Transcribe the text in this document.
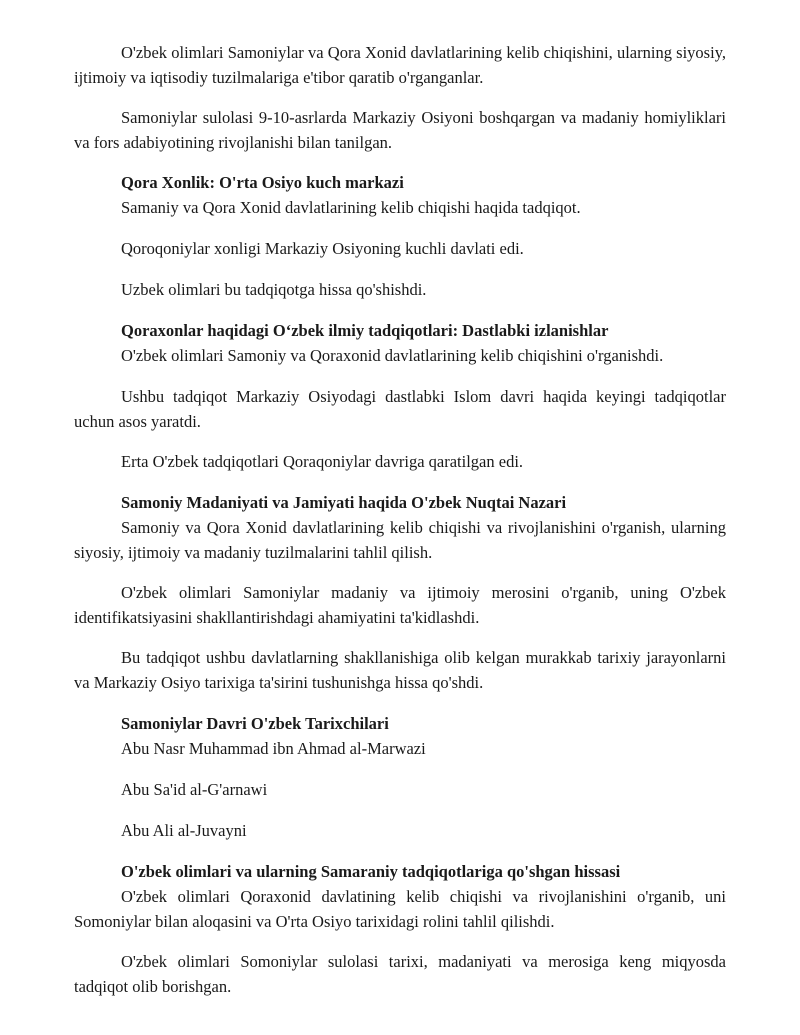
O'zbek olimlari Samoniylar va Qora Xonid davlatlarining kelib chiqishini, ularning siyosiy, ijtimoiy va iqtisodiy tuzilmalariga e'tibor qaratib o'rganganlar.

Samoniylar sulolasi 9-10-asrlarda Markaziy Osiyoni boshqargan va madaniy homiyliklari va fors adabiyotining rivojlanishi bilan tanilgan.

Qora Xonlik: O'rta Osiyo kuch markazi

Samaniy va Qora Xonid davlatlarining kelib chiqishi haqida tadqiqot.

Qoroqoniylar xonligi Markaziy Osiyoning kuchli davlati edi.

Uzbek olimlari bu tadqiqotga hissa qo'shishdi.

Qoraxonlar haqidagi O‘zbek ilmiy tadqiqotlari: Dastlabki izlanishlar

O'zbek olimlari Samoniy va Qoraxonid davlatlarining kelib chiqishini o'rganishdi.

Ushbu tadqiqot Markaziy Osiyodagi dastlabki Islom davri haqida keyingi tadqiqotlar uchun asos yaratdi.

Erta O'zbek tadqiqotlari Qoraqoniylar davriga qaratilgan edi.

Samoniy Madaniyati va Jamiyati haqida O'zbek Nuqtai Nazari

Samoniy va Qora Xonid davlatlarining kelib chiqishi va rivojlanishini o'rganish, ularning siyosiy, ijtimoiy va madaniy tuzilmalarini tahlil qilish.

O'zbek olimlari Samoniylar madaniy va ijtimoiy merosini o'rganib, uning O'zbek identifikatsiyasini shakllantirishdagi ahamiyatini ta'kidlashdi.

Bu tadqiqot ushbu davlatlarning shakllanishiga olib kelgan murakkab tarixiy jarayonlarni va Markaziy Osiyo tarixiga ta'sirini tushunishga hissa qo'shdi.

Samoniylar Davri O'zbek Tarixchilari

Abu Nasr Muhammad ibn Ahmad al-Marwazi

Abu Sa'id al-G'arnawi

Abu Ali al-Juvayni

O'zbek olimlari va ularning Samaraniy tadqiqotlariga qo'shgan hissasi

O'zbek olimlari Qoraxonid davlatining kelib chiqishi va rivojlanishini o'rganib, uni Somoniylar bilan aloqasini va O'rta Osiyo tarixidagi rolini tahlil qilishdi.

O'zbek olimlari Somoniylar sulolasi tarixi, madaniyati va merosiga keng miqyosda tadqiqot olib borishgan.
